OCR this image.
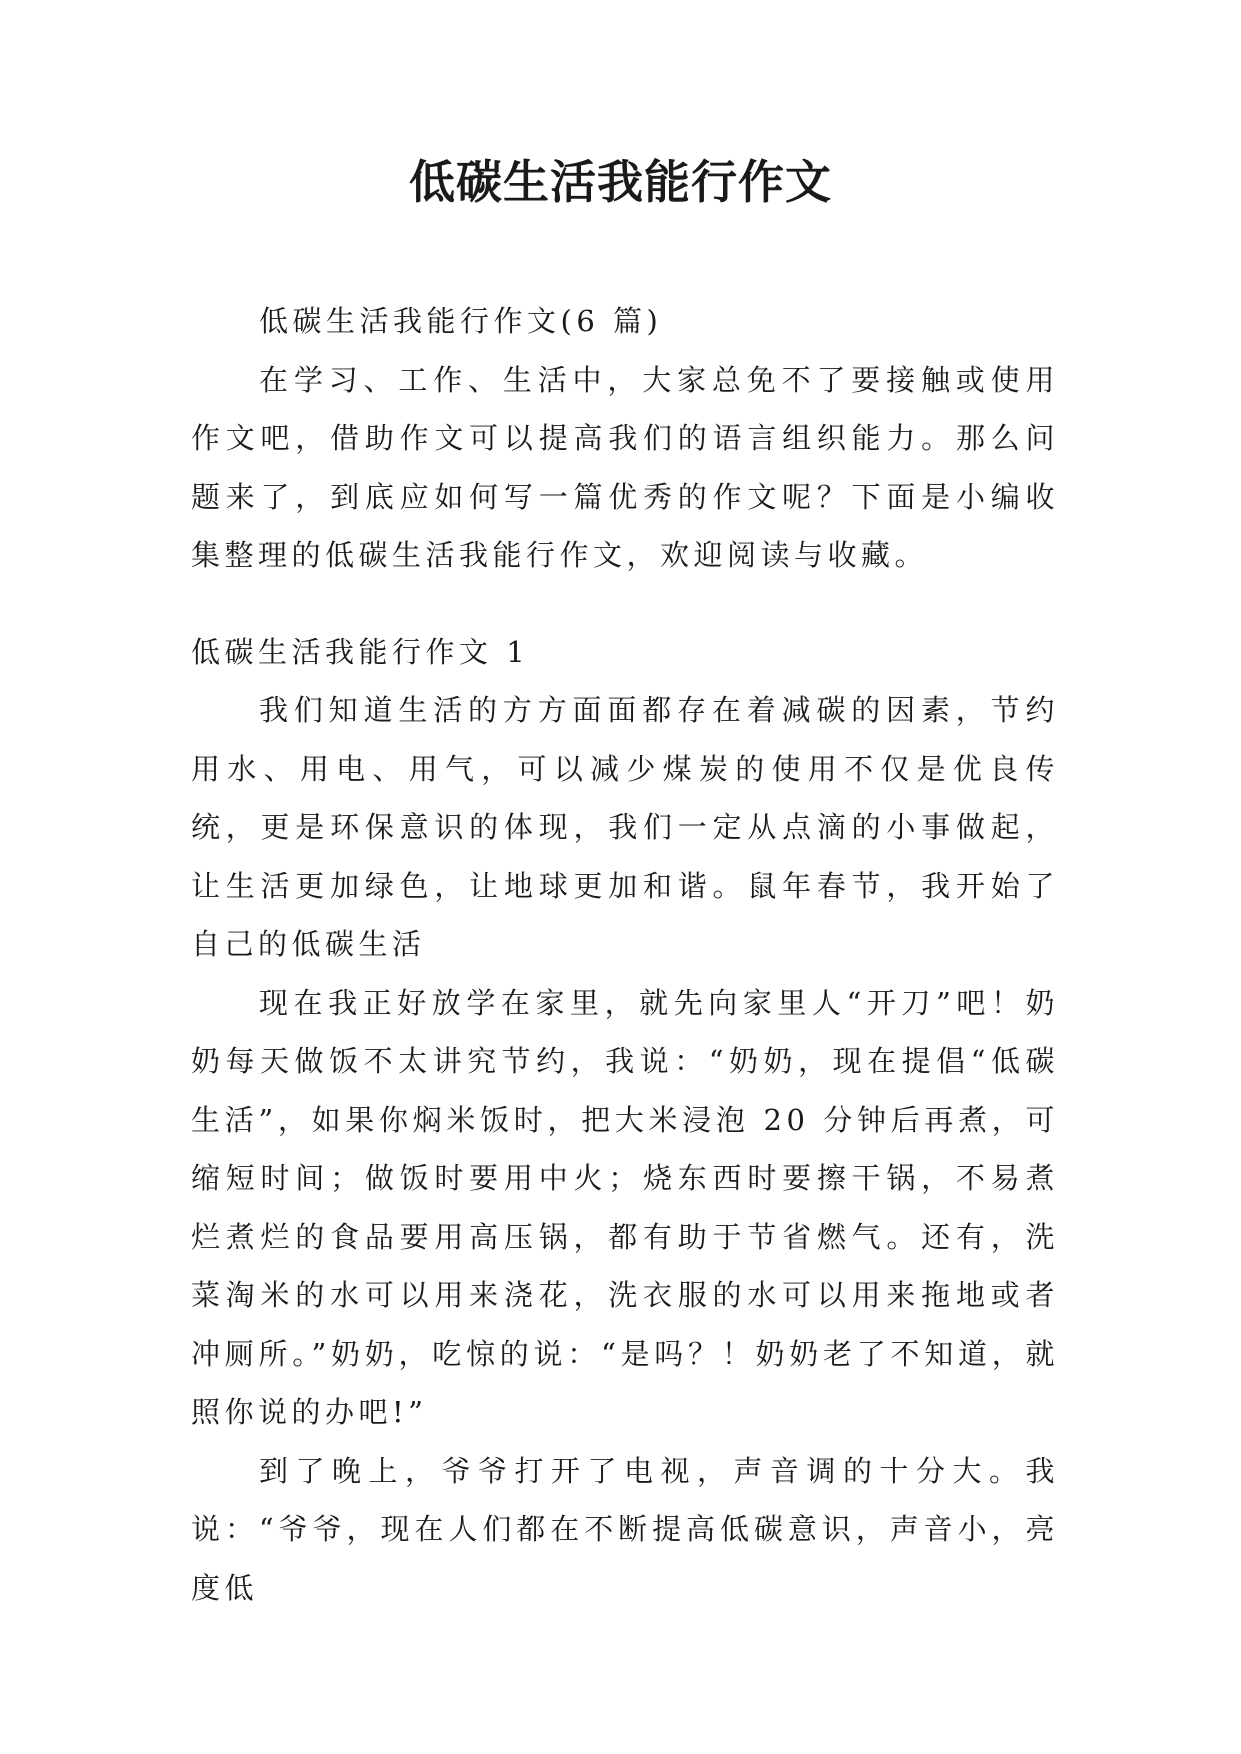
低碳生活我能行作文

低碳生活我能行作文(6 篇)

在学习、工作、生活中，大家总免不了要接触或使用作文吧，借助作文可以提高我们的语言组织能力。那么问题来了，到底应如何写一篇优秀的作文呢？下面是小编收集整理的低碳生活我能行作文，欢迎阅读与收藏。

低碳生活我能行作文 1

我们知道生活的方方面面都存在着减碳的因素，节约用水、用电、用气，可以减少煤炭的使用不仅是优良传统，更是环保意识的体现，我们一定从点滴的小事做起，让生活更加绿色，让地球更加和谐。鼠年春节，我开始了自己的低碳生活

现在我正好放学在家里，就先向家里人“开刀”吧！奶奶每天做饭不太讲究节约，我说：“奶奶，现在提倡“低碳生活”，如果你焖米饭时，把大米浸泡 20 分钟后再煮，可缩短时间；做饭时要用中火；烧东西时要擦干锅，不易煮烂煮烂的食品要用高压锅，都有助于节省燃气。还有，洗菜淘米的水可以用来浇花，洗衣服的水可以用来拖地或者冲厕所。”奶奶，吃惊的说：“是吗？！奶奶老了不知道，就照你说的办吧!”

到了晚上，爷爷打开了电视，声音调的十分大。我说：“爷爷，现在人们都在不断提高低碳意识，声音小，亮度低
